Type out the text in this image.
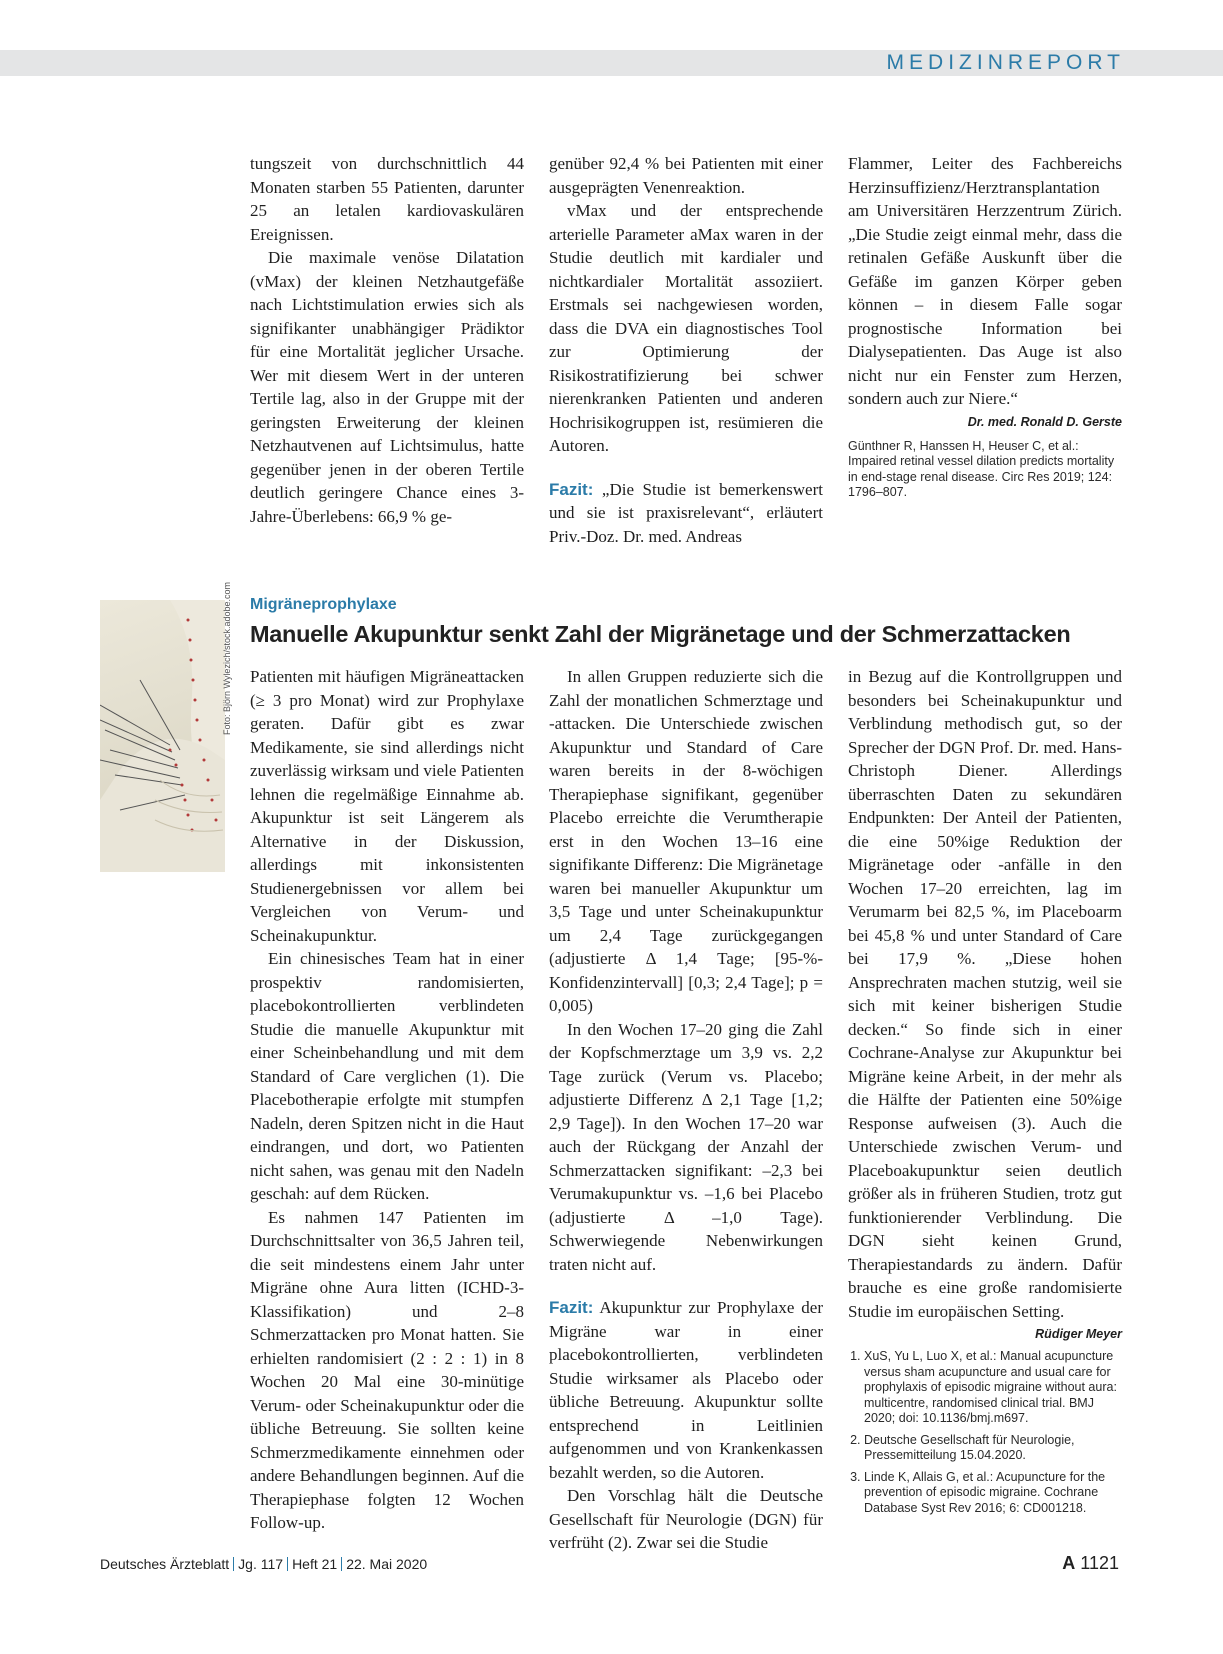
MEDIZINREPORT

tungszeit von durchschnittlich 44 Monaten starben 55 Patienten, darunter 25 an letalen kardiovaskulären Ereignissen.

Die maximale venöse Dilatation (vMax) der kleinen Netzhautgefäße nach Lichtstimulation erwies sich als signifikanter unabhängiger Prädiktor für eine Mortalität jeglicher Ursache. Wer mit diesem Wert in der unteren Tertile lag, also in der Gruppe mit der geringsten Erweiterung der kleinen Netzhautvenen auf Lichtsimulus, hatte gegenüber jenen in der oberen Tertile deutlich geringere Chance eines 3-Jahre-Überlebens: 66,9 % ge-

genüber 92,4 % bei Patienten mit einer ausgeprägten Venenreaktion.

vMax und der entsprechende arterielle Parameter aMax waren in der Studie deutlich mit kardialer und nichtkardialer Mortalität assoziiert. Erstmals sei nachgewiesen worden, dass die DVA ein diagnostisches Tool zur Optimierung der Risikostratifizierung bei schwer nierenkranken Patienten und anderen Hochrisikogruppen ist, resümieren die Autoren.

Fazit: „Die Studie ist bemerkenswert und sie ist praxisrelevant“, erläutert Priv.-Doz. Dr. med. Andreas

Flammer, Leiter des Fachbereichs Herzinsuffizienz/Herztransplantation am Universitären Herzzentrum Zürich. „Die Studie zeigt einmal mehr, dass die retinalen Gefäße Auskunft über die Gefäße im ganzen Körper geben können – in diesem Falle sogar prognostische Information bei Dialysepatienten. Das Auge ist also nicht nur ein Fenster zum Herzen, sondern auch zur Niere.“
Dr. med. Ronald D. Gerste

Günthner R, Hanssen H, Heuser C, et al.: Impaired retinal vessel dilation predicts mortality in end-stage renal disease. Circ Res 2019; 124: 1796–807.

Foto: Björn Wylezich/stock.adobe.com Migräneprophylaxe
Manuelle Akupunktur senkt Zahl der Migränetage und der Schmerzattacken

Patienten mit häufigen Migräneattacken (≥ 3 pro Monat) wird zur Prophylaxe geraten. Dafür gibt es zwar Medikamente, sie sind allerdings nicht zuverlässig wirksam und viele Patienten lehnen die regelmäßige Einnahme ab. Akupunktur ist seit Längerem als Alternative in der Diskussion, allerdings mit inkonsistenten Studienergebnissen vor allem bei Vergleichen von Verum- und Scheinakupunktur.

Ein chinesisches Team hat in einer prospektiv randomisierten, placebokontrollierten verblindeten Studie die manuelle Akupunktur mit einer Scheinbehandlung und mit dem Standard of Care verglichen (1). Die Placebotherapie erfolgte mit stumpfen Nadeln, deren Spitzen nicht in die Haut eindrangen, und dort, wo Patienten nicht sahen, was genau mit den Nadeln geschah: auf dem Rücken.

Es nahmen 147 Patienten im Durchschnittsalter von 36,5 Jahren teil, die seit mindestens einem Jahr unter Migräne ohne Aura litten (ICHD-3-Klassifikation) und 2–8 Schmerzattacken pro Monat hatten. Sie erhielten randomisiert (2 : 2 : 1) in 8 Wochen 20 Mal eine 30-minütige Verum- oder Scheinakupunktur oder die übliche Betreuung. Sie sollten keine Schmerzmedikamente einnehmen oder andere Behandlungen beginnen. Auf die Therapiephase folgten 12 Wochen Follow-up.

In allen Gruppen reduzierte sich die Zahl der monatlichen Schmerztage und -attacken. Die Unterschiede zwischen Akupunktur und Standard of Care waren bereits in der 8-wöchigen Therapiephase signifikant, gegenüber Placebo erreichte die Verumtherapie erst in den Wochen 13–16 eine signifikante Differenz: Die Migränetage waren bei manueller Akupunktur um 3,5 Tage und unter Scheinakupunktur um 2,4 Tage zurückgegangen (adjustierte Δ 1,4 Tage; [95-%-Konfidenzintervall] [0,3; 2,4 Tage]; p = 0,005)

In den Wochen 17–20 ging die Zahl der Kopfschmerztage um 3,9 vs. 2,2 Tage zurück (Verum vs. Placebo; adjustierte Differenz Δ 2,1 Tage [1,2; 2,9 Tage]). In den Wochen 17–20 war auch der Rückgang der Anzahl der Schmerzattacken signifikant: –2,3 bei Verumakupunktur vs. –1,6 bei Placebo (adjustierte Δ –1,0 Tage). Schwerwiegende Nebenwirkungen traten nicht auf.

Fazit: Akupunktur zur Prophylaxe der Migräne war in einer placebokontrollierten, verblindeten Studie wirksamer als Placebo oder übliche Betreuung. Akupunktur sollte entsprechend in Leitlinien aufgenommen und von Krankenkassen bezahlt werden, so die Autoren.

Den Vorschlag hält die Deutsche Gesellschaft für Neurologie (DGN) für verfrüht (2). Zwar sei die Studie

in Bezug auf die Kontrollgruppen und besonders bei Scheinakupunktur und Verblindung methodisch gut, so der Sprecher der DGN Prof. Dr. med. Hans-Christoph Diener. Allerdings überraschten Daten zu sekundären Endpunkten: Der Anteil der Patienten, die eine 50%ige Reduktion der Migränetage oder -anfälle in den Wochen 17–20 erreichten, lag im Verumarm bei 82,5 %, im Placeboarm bei 45,8 % und unter Standard of Care bei 17,9 %. „Diese hohen Ansprechraten machen stutzig, weil sie sich mit keiner bisherigen Studie decken.“ So finde sich in einer Cochrane-Analyse zur Akupunktur bei Migräne keine Arbeit, in der mehr als die Hälfte der Patienten eine 50%ige Response aufweisen (3). Auch die Unterschiede zwischen Verum- und Placeboakupunktur seien deutlich größer als in früheren Studien, trotz gut funktionierender Verblindung. Die DGN sieht keinen Grund, Therapiestandards zu ändern. Dafür brauche es eine große randomisierte Studie im europäischen Setting.
Rüdiger Meyer

1. XuS, Yu L, Luo X, et al.: Manual acupuncture versus sham acupuncture and usual care for prophylaxis of episodic migraine without aura: multicentre, randomised clinical trial. BMJ 2020; doi: 10.1136/bmj.m697.
2. Deutsche Gesellschaft für Neurologie, Pressemitteilung 15.04.2020.
3. Linde K, Allais G, et al.: Acupuncture for the prevention of episodic migraine. Cochrane Database Syst Rev 2016; 6: CD001218.
Deutsches Ärzteblatt Jg. 117 Heft 21 22. Mai 2020	A 1121
